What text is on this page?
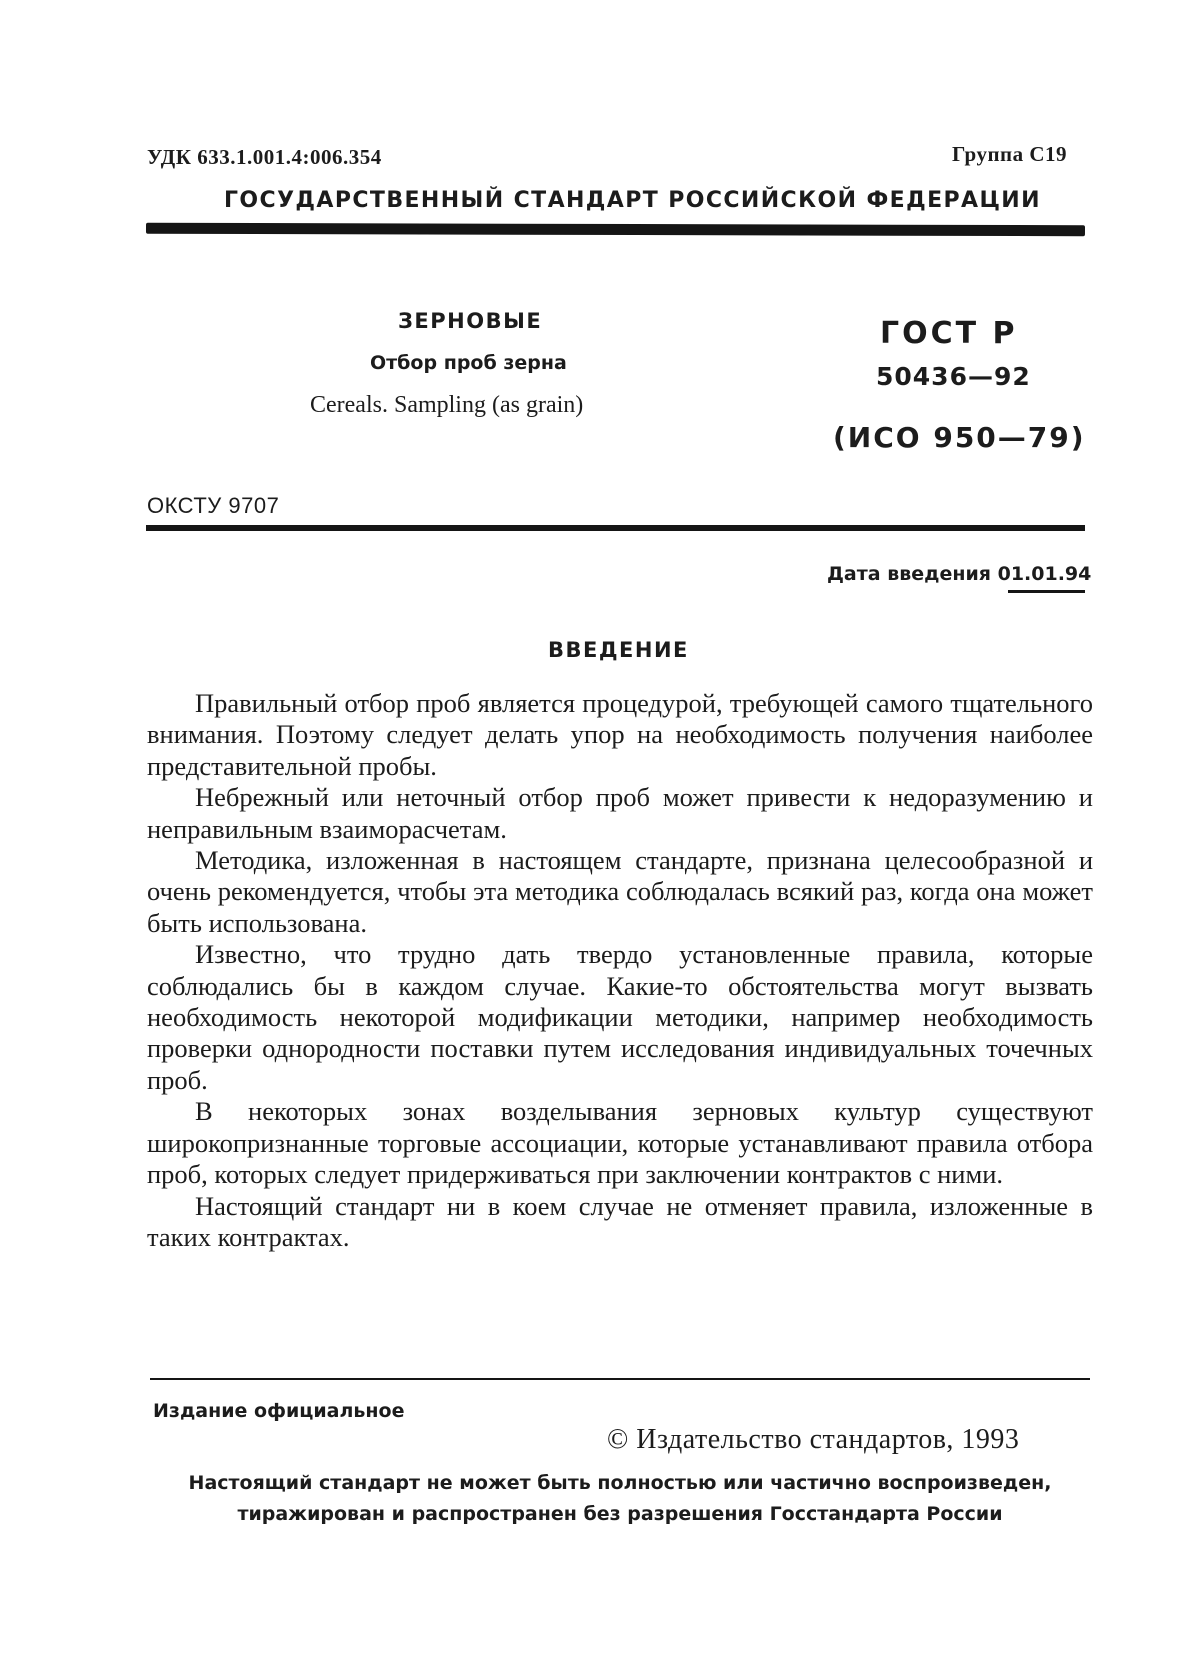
УДК 633.1.001.4:006.354	Группа С19
ГОСУДАРСТВЕННЫЙ СТАНДАРТ РОССИЙСКОЙ ФЕДЕРАЦИИ
ЗЕРНОВЫЕ
Отбор проб зерна
Cereals. Sampling (as grain)
ГОСТ Р
50436—92
(ИСО 950—79)
ОКСТУ 9707
Дата введения 01.01.94
ВВЕДЕНИЕ

Правильный отбор проб является процедурой, требующей самого тщательного внимания. Поэтому следует делать упор на необходимость получения наиболее представительной пробы.

Небрежный или неточный отбор проб может привести к недоразумению и неправильным взаиморасчетам.

Методика, изложенная в настоящем стандарте, признана целесообразной и очень рекомендуется, чтобы эта методика соблюдалась всякий раз, когда она может быть использована.

Известно, что трудно дать твердо установленные правила, которые соблюдались бы в каждом случае. Какие-то обстоятельства могут вызвать необходимость некоторой модификации методики, например необходимость проверки однородности поставки путем исследования индивидуальных точечных проб.

В некоторых зонах возделывания зерновых культур существуют широкопризнанные торговые ассоциации, которые устанавливают правила отбора проб, которых следует придерживаться при заключении контрактов с ними.

Настоящий стандарт ни в коем случае не отменяет правила, изложенные в таких контрактах.

Издание официальное
© Издательство стандартов, 1993
Настоящий стандарт не может быть полностью или частично воспроизведен,
тиражирован и распространен без разрешения Госстандарта России
